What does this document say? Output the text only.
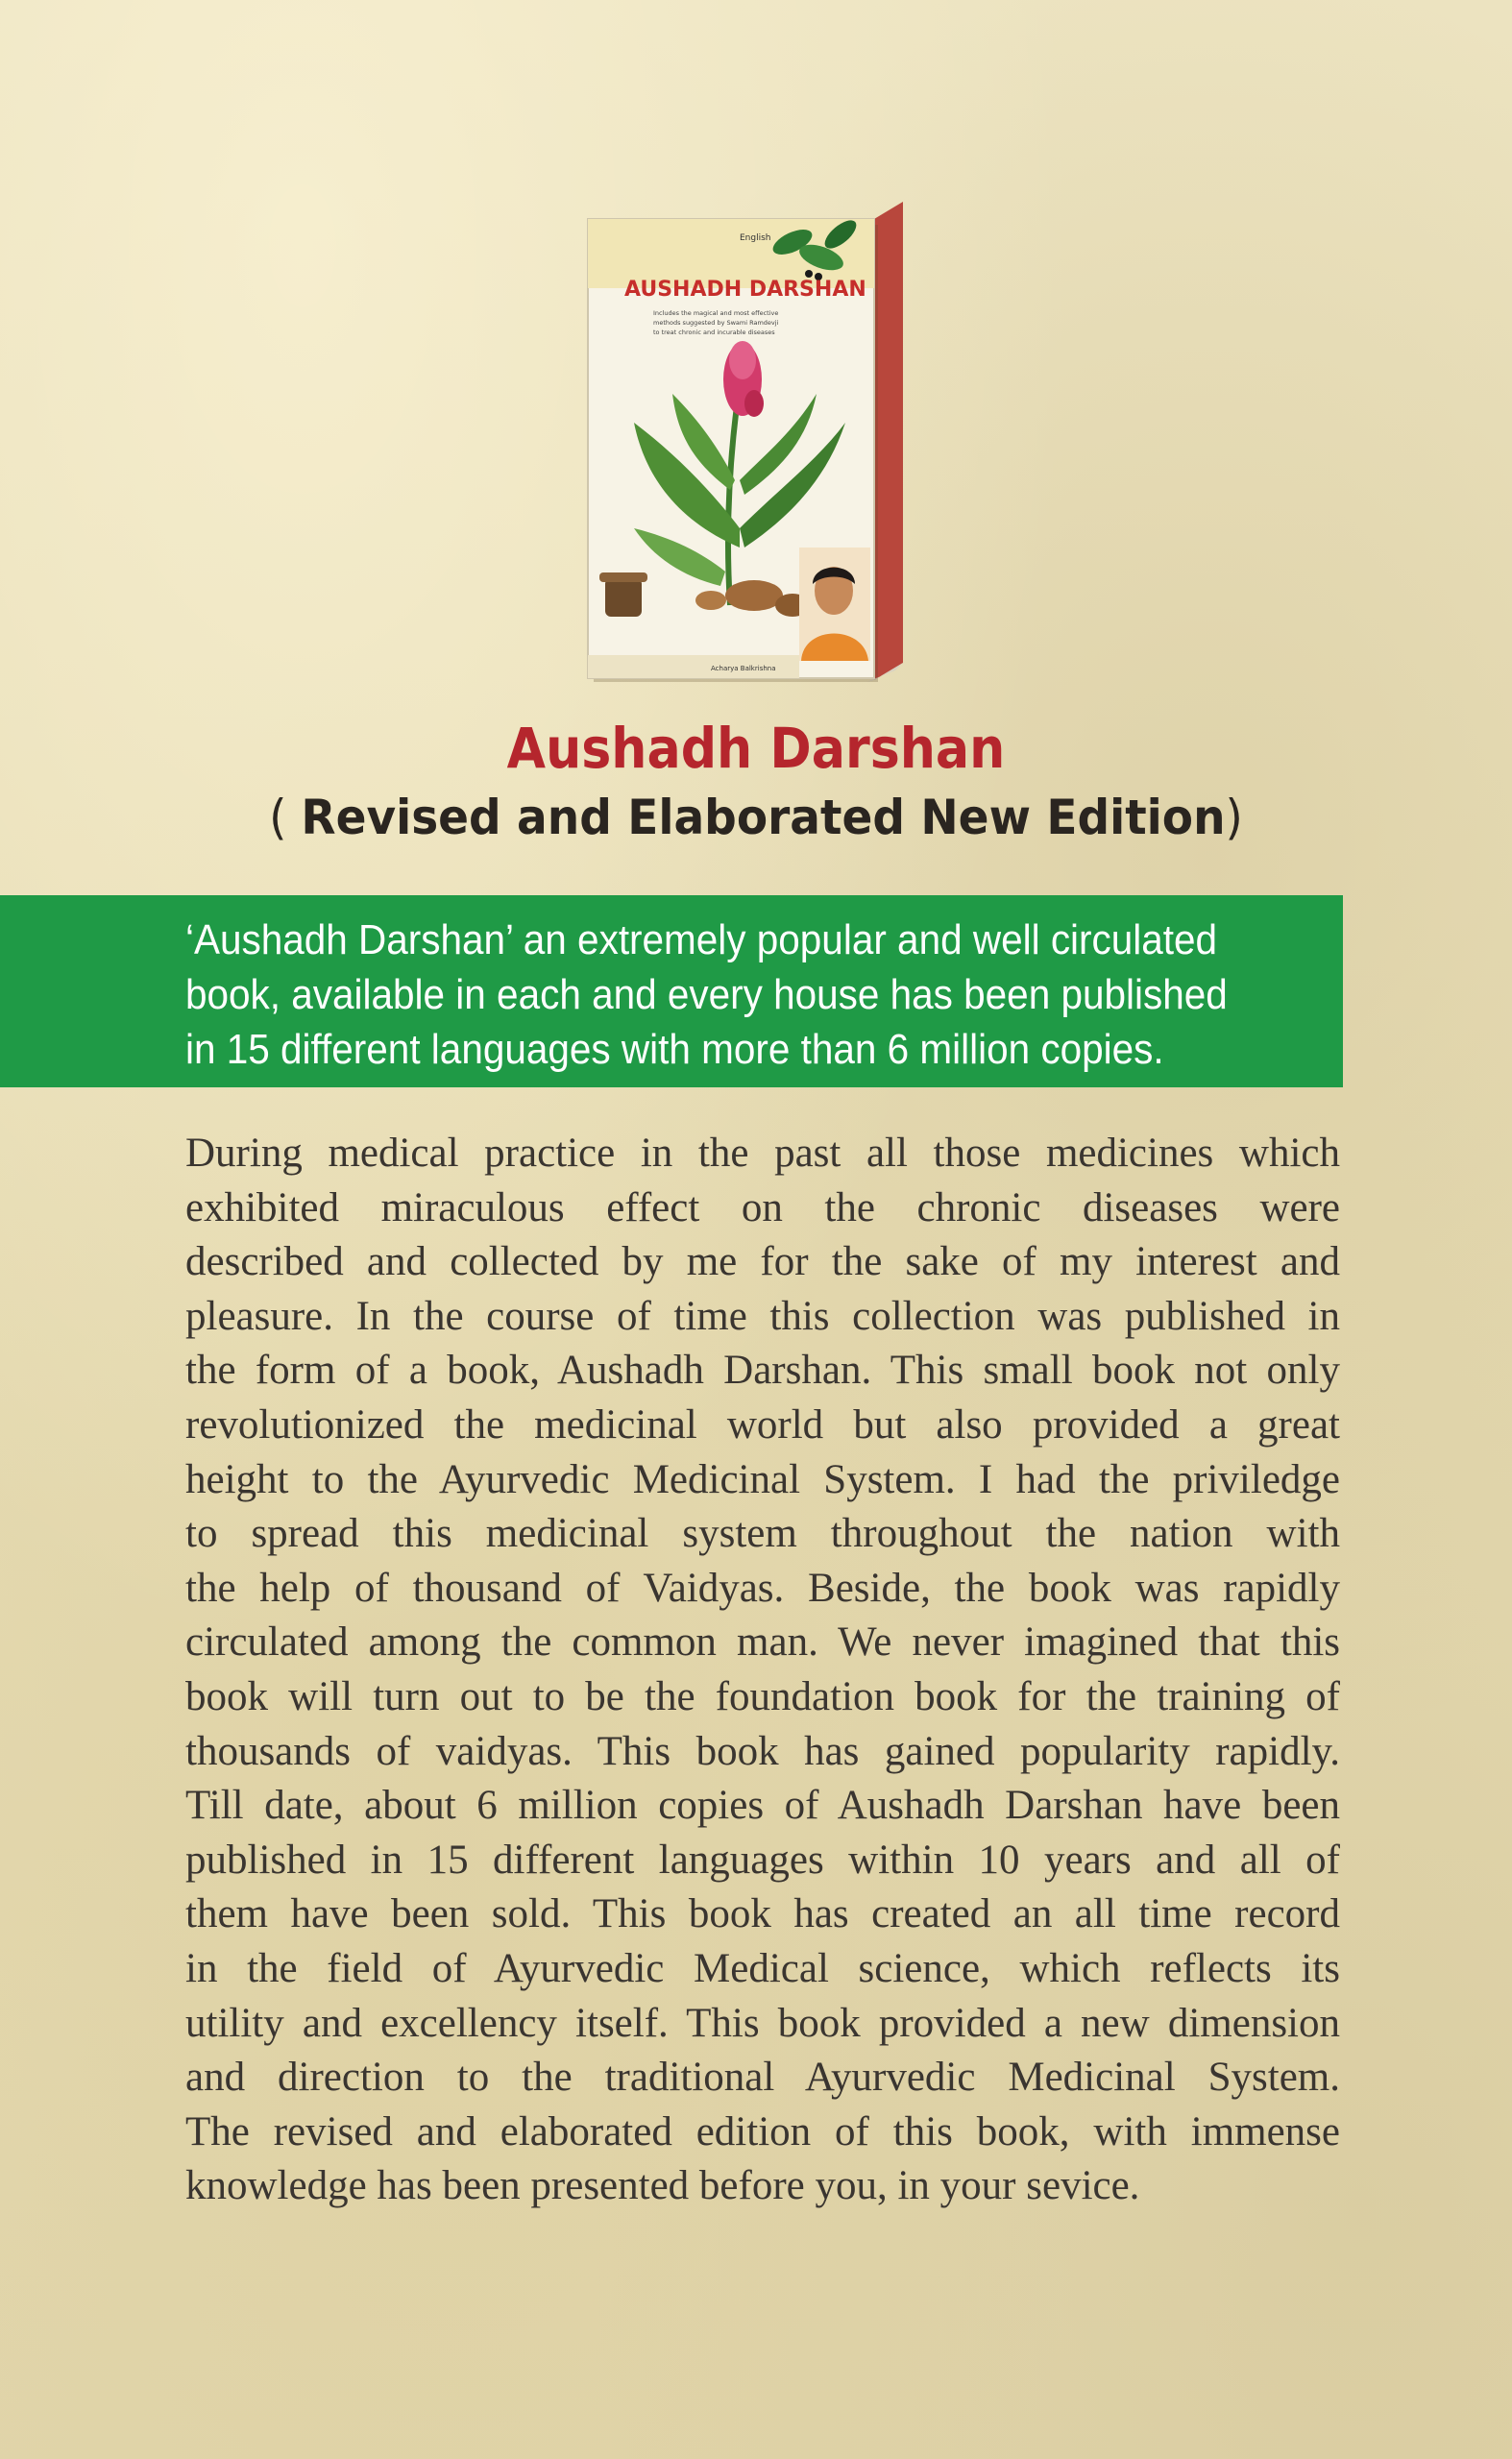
English
AUSHADH DARSHAN
Includes the magical and most effective
methods suggested by Swami Ramdevji
to treat chronic and incurable diseases
Acharya Balkrishna
Aushadh Darshan
( Revised and Elaborated New Edition)
‘Aushadh Darshan’ an extremely popular and well circulated
book, available in each and every house has been published
in 15 different languages with more than 6 million copies.
During medical practice in the past all those medicines which
exhibited miraculous effect on the chronic diseases were
described and collected by me for the sake of my interest and
pleasure. In the course of time this collection was published in
the form of a book, Aushadh Darshan. This small book not only
revolutionized the medicinal world but also provided a great
height to the Ayurvedic Medicinal System. I had the priviledge
to spread this medicinal system throughout the nation with
the help of thousand of Vaidyas. Beside, the book was rapidly
circulated among the common man. We never imagined that this
book will turn out to be the foundation book for the training of
thousands of vaidyas. This book has gained popularity rapidly.
Till date, about 6 million copies of Aushadh Darshan have been
published in 15 different languages within 10 years and all of
them have been sold. This book has created an all time record
in the field of Ayurvedic Medical science, which reflects its
utility and excellency itself. This book provided a new dimension
and direction to the traditional Ayurvedic Medicinal System.
The revised and elaborated edition of this book, with immense
knowledge has been presented before you, in your sevice.
